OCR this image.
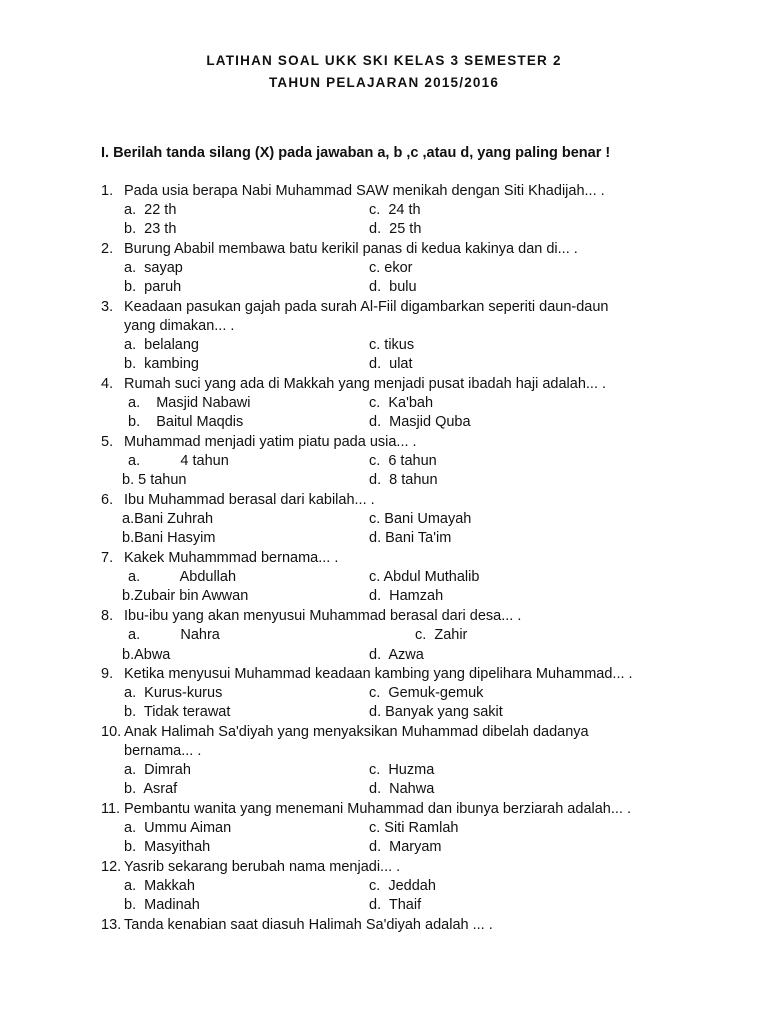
LATIHAN SOAL UKK SKI KELAS 3 SEMESTER 2
TAHUN PELAJARAN 2015/2016
I. Berilah tanda silang (X) pada jawaban a, b ,c ,atau d, yang paling benar !
1. Pada usia berapa Nabi Muhammad SAW menikah dengan Siti Khadijah... .
a.  22 th	c.  24 th
b.  23 th	d.  25 th
2. Burung Ababil membawa batu kerikil panas di kedua kakinya dan di... .
a.  sayap	c. ekor
b.  paruh	d.  bulu
3. Keadaan pasukan gajah pada surah Al-Fiil digambarkan seperiti daun-daun
yang dimakan... .
a.  belalang	c. tikus
b.  kambing	d.  ulat
4. Rumah suci yang ada di Makkah yang menjadi pusat ibadah haji adalah... .
a.    Masjid Nabawi	c.  Ka'bah
b.    Baitul Maqdis	d.  Masjid Quba
5. Muhammad menjadi yatim piatu pada usia... .
a.          4 tahun	c.  6 tahun
b. 5 tahun	d.  8 tahun
6. Ibu Muhammad berasal dari kabilah... .
a.Bani Zuhrah	c. Bani Umayah
b.Bani Hasyim	d. Bani Ta'im
7. Kakek Muhammmad bernama... .
a.          Abdullah	c. Abdul Muthalib
b.Zubair bin Awwan	d.  Hamzah
8. Ibu-ibu yang akan menyusui Muhammad berasal dari desa... .
a.          Nahra	c.  Zahir
b.Abwa	d.  Azwa
9. Ketika menyusui Muhammad keadaan kambing yang dipelihara Muhammad... .
a.  Kurus-kurus	c.  Gemuk-gemuk
b.  Tidak terawat	d. Banyak yang sakit
10. Anak Halimah Sa'diyah yang menyaksikan Muhammad dibelah dadanya
bernama... .
a.  Dimrah	c.  Huzma
b.  Asraf	d.  Nahwa
11. Pembantu wanita yang menemani Muhammad dan ibunya berziarah adalah... .
a.  Ummu Aiman	c. Siti Ramlah
b.  Masyithah	d.  Maryam
12. Yasrib sekarang berubah nama menjadi... .
a.  Makkah	c.  Jeddah
b.  Madinah	d.  Thaif
13. Tanda kenabian saat diasuh Halimah Sa'diyah adalah ... .
